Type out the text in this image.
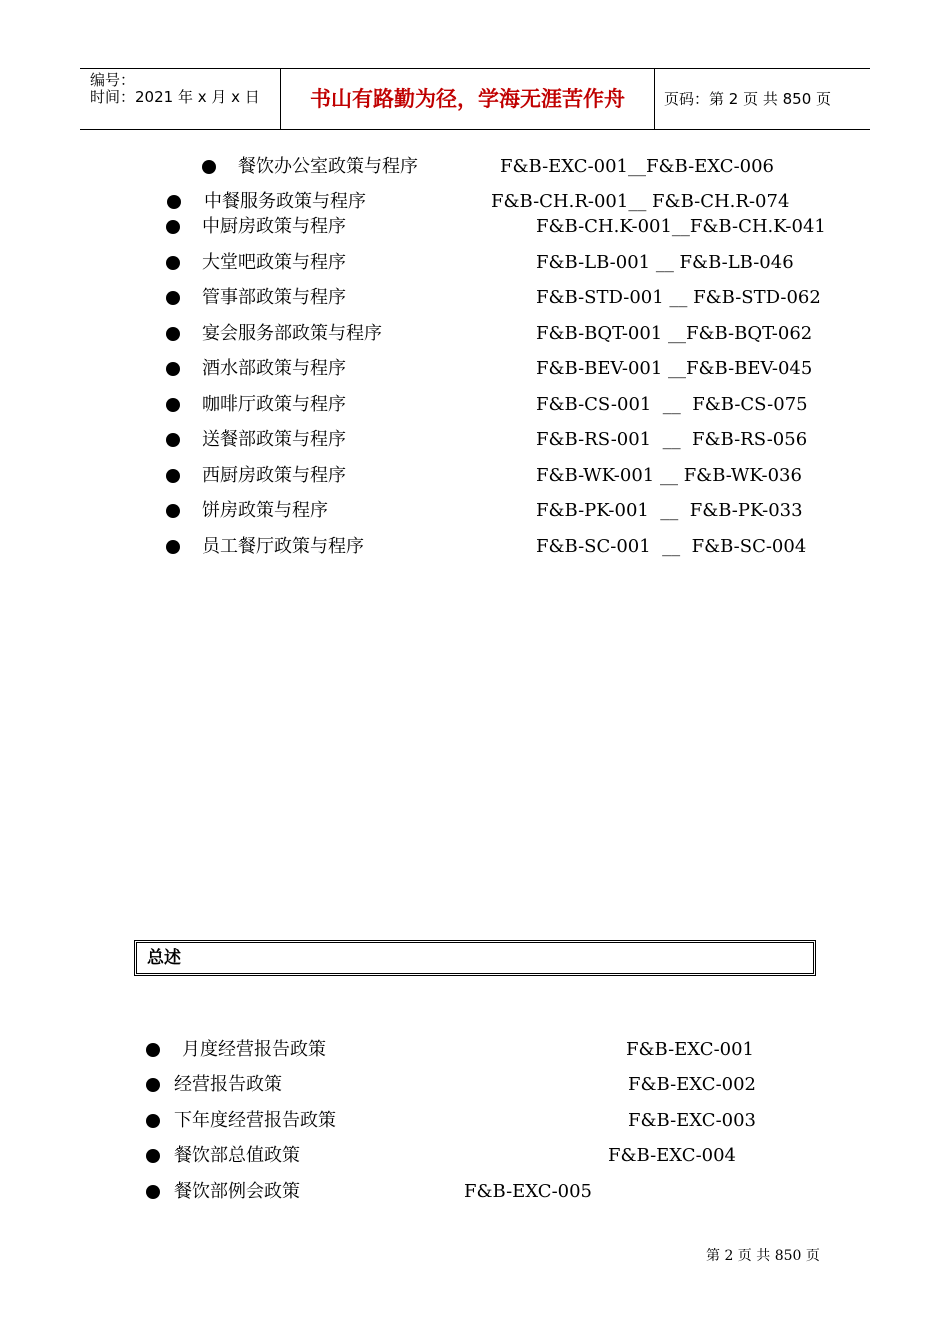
编号：
时间：2021 年 x 月 x 日	书山有路勤为径，学海无涯苦作舟	页码：第 2 页 共 850 页
餐饮办公室政策与程序	F&B-EXC-001__F&B-EXC-006
中餐服务政策与程序	F&B-CH.R-001__ F&B-CH.R-074
中厨房政策与程序	F&B-CH.K-001__F&B-CH.K-041
大堂吧政策与程序	F&B-LB-001 __ F&B-LB-046
管事部政策与程序	F&B-STD-001 __ F&B-STD-062
宴会服务部政策与程序	F&B-BQT-001 __F&B-BQT-062
酒水部政策与程序	F&B-BEV-001 __F&B-BEV-045
咖啡厅政策与程序	F&B-CS-001  __  F&B-CS-075
送餐部政策与程序	F&B-RS-001  __  F&B-RS-056
西厨房政策与程序	F&B-WK-001 __ F&B-WK-036
饼房政策与程序	F&B-PK-001  __  F&B-PK-033
员工餐厅政策与程序	F&B-SC-001  __  F&B-SC-004
总述
月度经营报告政策	F&B-EXC-001
经营报告政策	F&B-EXC-002
下年度经营报告政策	F&B-EXC-003
餐饮部总值政策	F&B-EXC-004
餐饮部例会政策	F&B-EXC-005
第 2 页 共 850 页
